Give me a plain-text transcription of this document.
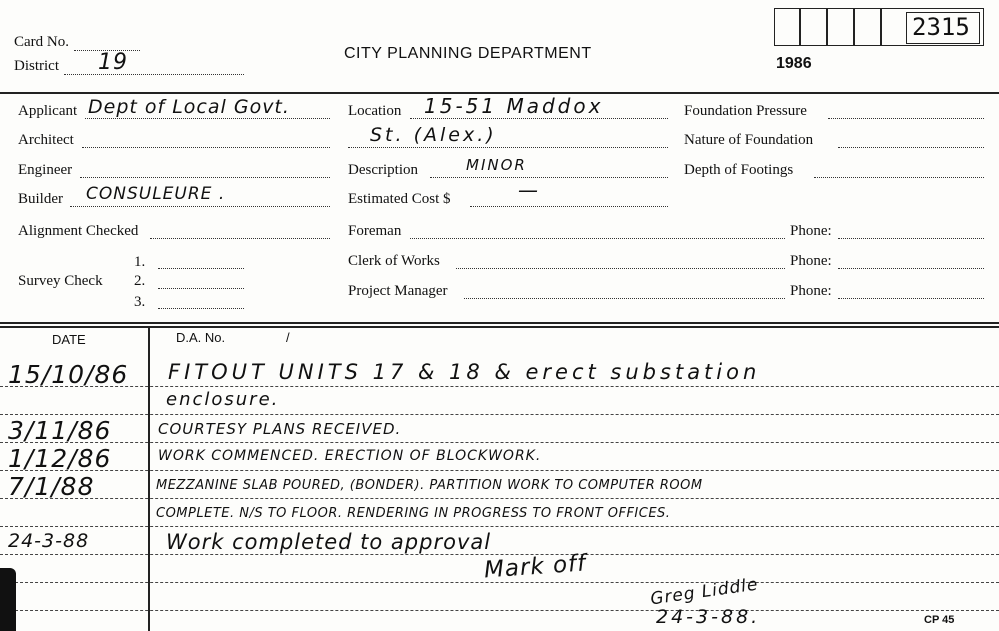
Card No.
District 19	CITY PLANNING DEPARTMENT
1986
2315
Applicant Dept of Local Govt.
Architect
Engineer
Builder CONSULEURE .
Alignment Checked
Survey Check
1.
2.
3.
Location 15-51 Maddox
St. (Alex.)
Description	MINOR
Estimated Cost $	—
Foreman	Phone:
Clerk of Works	Phone:
Project Manager	Phone:
Foundation Pressure
Nature of Foundation
Depth of Footings
DATE	D.A. No.	/
15/10/86 FITOUT UNITS 17 & 18 & erect substation
enclosure.
3/11/86	COURTESY PLANS RECEIVED.
1/12/86	WORK COMMENCED. ERECTION OF BLOCKWORK.
7/1/88	MEZZANINE SLAB POURED, (BONDER). PARTITION WORK TO COMPUTER ROOM
COMPLETE. N/S TO FLOOR. RENDERING IN PROGRESS TO FRONT OFFICES.
24-3-88	Work completed to approval
Mark off
Greg Liddle
24-3-88.	CP 45
